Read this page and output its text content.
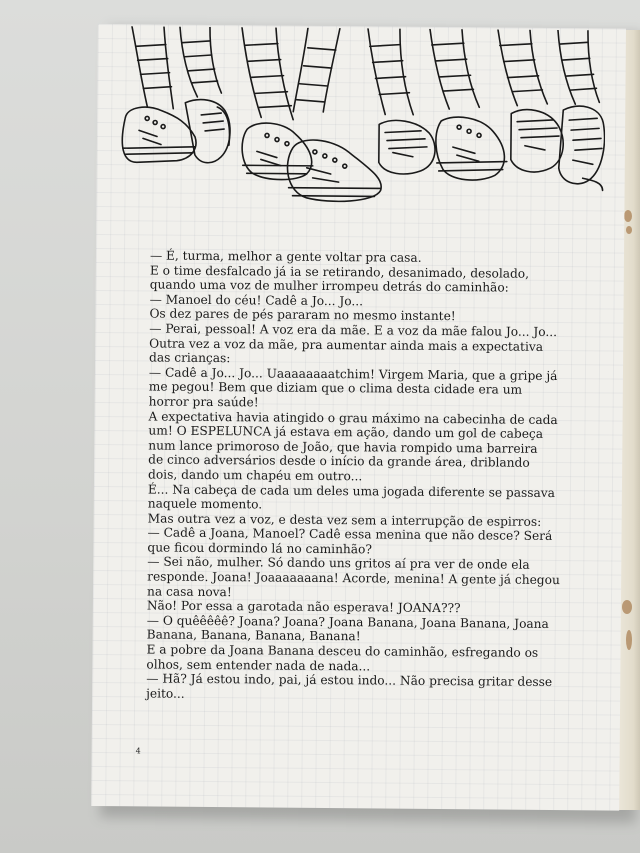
— É, turma, melhor a gente voltar pra casa.
E o time desfalcado já ia se retirando, desanimado, desolado,
quando uma voz de mulher irrompeu detrás do caminhão:
— Manoel do céu! Cadê a Jo... Jo...
Os dez pares de pés pararam no mesmo instante!
— Perai, pessoal! A voz era da mãe. E a voz da mãe falou Jo... Jo...
Outra vez a voz da mãe, pra aumentar ainda mais a expectativa
das crianças:
— Cadê a Jo... Jo... Uaaaaaaaatchim! Virgem Maria, que a gripe já
me pegou! Bem que diziam que o clima desta cidade era um
horror pra saúde!
A expectativa havia atingido o grau máximo na cabecinha de cada
um! O ESPELUNCA já estava em ação, dando um gol de cabeça
num lance primoroso de João, que havia rompido uma barreira
de cinco adversários desde o início da grande área, driblando
dois, dando um chapéu em outro...
É... Na cabeça de cada um deles uma jogada diferente se passava
naquele momento.
Mas outra vez a voz, e desta vez sem a interrupção de espirros:
— Cadê a Joana, Manoel? Cadê essa menina que não desce? Será
que ficou dormindo lá no caminhão?
— Sei não, mulher. Só dando uns gritos aí pra ver de onde ela
responde. Joana! Joaaaaaaana! Acorde, menina! A gente já chegou
na casa nova!
Não! Por essa a garotada não esperava! JOANA???
— O quêêêêê? Joana? Joana? Joana Banana, Joana Banana, Joana
Banana, Banana, Banana, Banana!
E a pobre da Joana Banana desceu do caminhão, esfregando os
olhos, sem entender nada de nada...
— Hã? Já estou indo, pai, já estou indo... Não precisa gritar desse
jeito...
4
